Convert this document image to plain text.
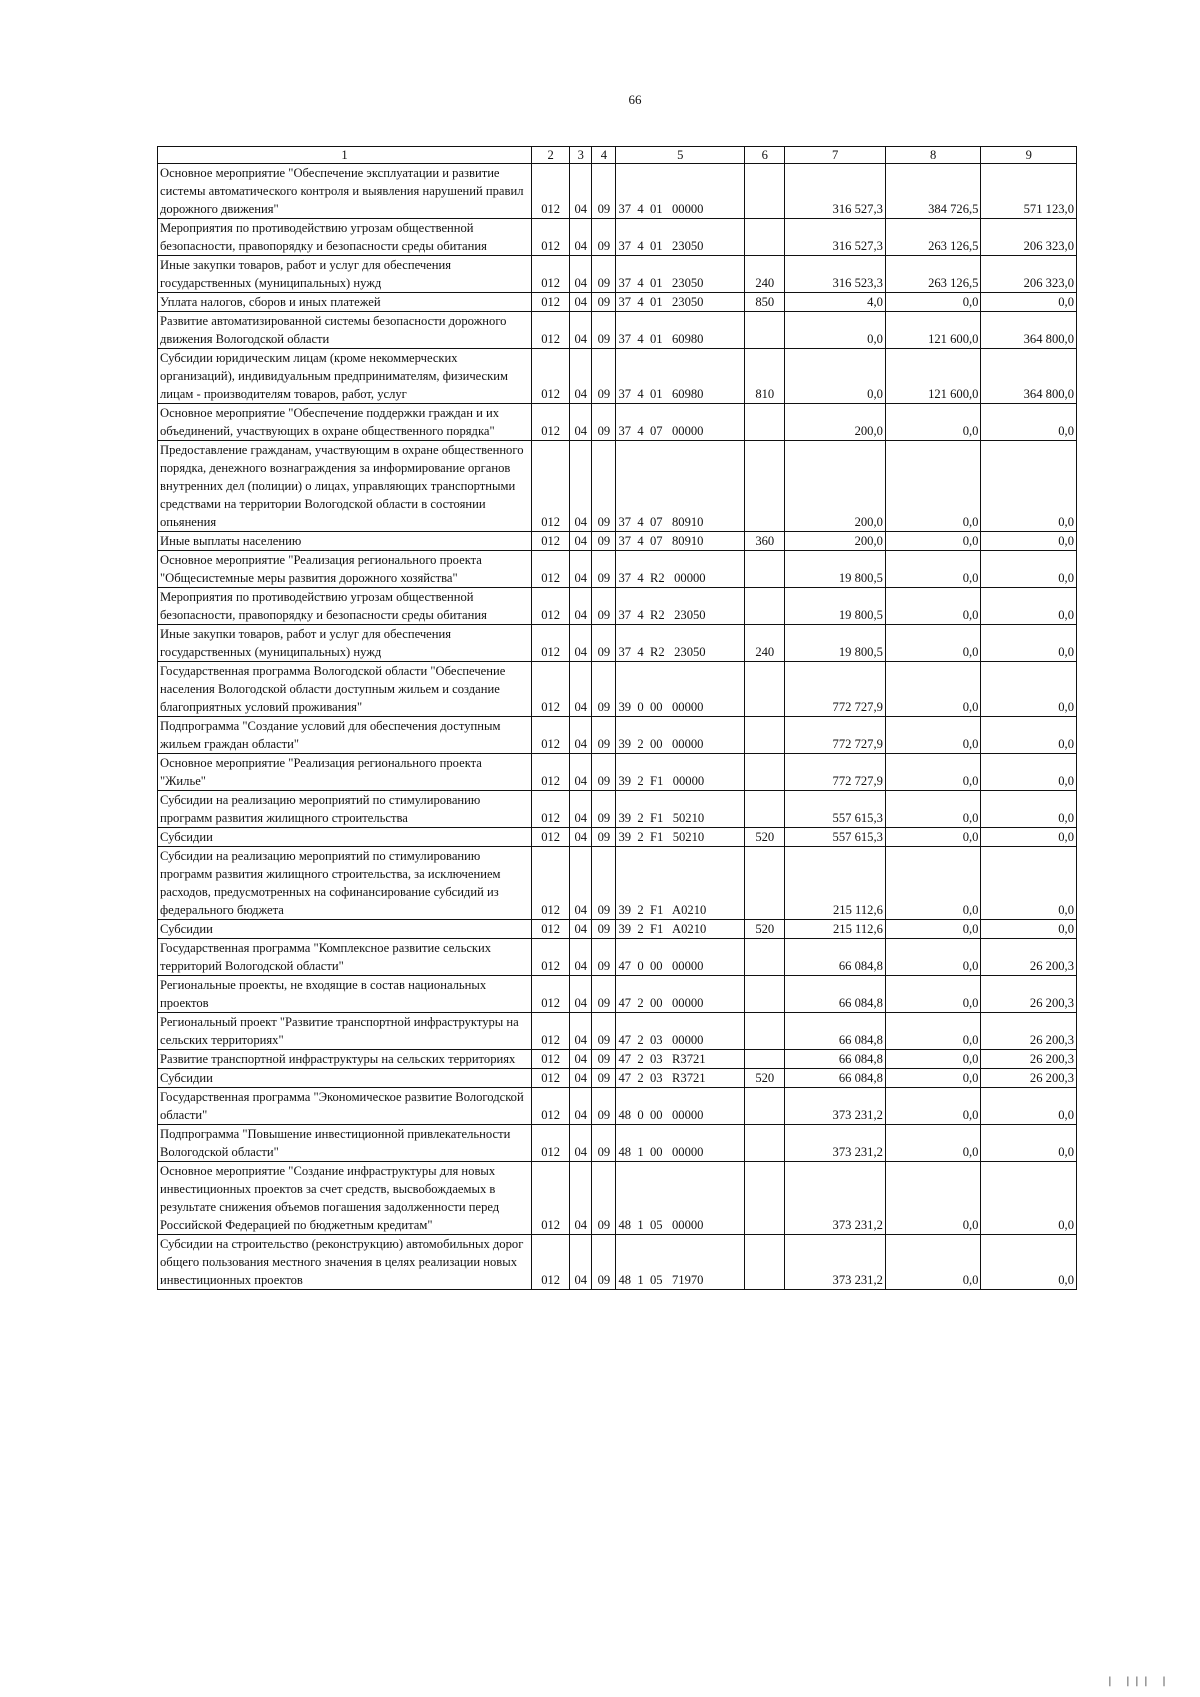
66
1	2	3	4	5	6	7	8	9
Основное мероприятие "Обеспечение эксплуатации и развитие системы автоматического контроля и выявления нарушений правил дорожного движения"	012	04	09	37  4  01   00000		316 527,3	384 726,5	571 123,0
Мероприятия по противодействию угрозам общественной безопасности, правопорядку и безопасности среды обитания	012	04	09	37  4  01   23050		316 527,3	263 126,5	206 323,0
Иные закупки товаров, работ и услуг для обеспечения государственных (муниципальных) нужд	012	04	09	37  4  01   23050	240	316 523,3	263 126,5	206 323,0
Уплата налогов, сборов и иных платежей	012	04	09	37  4  01   23050	850	4,0	0,0	0,0
Развитие автоматизированной системы безопасности дорожного движения Вологодской области	012	04	09	37  4  01   60980		0,0	121 600,0	364 800,0
Субсидии юридическим лицам (кроме некоммерческих организаций), индивидуальным предпринимателям, физическим лицам - производителям товаров, работ, услуг	012	04	09	37  4  01   60980	810	0,0	121 600,0	364 800,0
Основное мероприятие "Обеспечение поддержки граждан и их объединений, участвующих в охране общественного порядка"	012	04	09	37  4  07   00000		200,0	0,0	0,0
Предоставление гражданам, участвующим в охране общественного порядка, денежного вознаграждения за информирование органов внутренних дел (полиции) о лицах, управляющих транспортными средствами на территории Вологодской области в состоянии опьянения	012	04	09	37  4  07   80910		200,0	0,0	0,0
Иные выплаты населению	012	04	09	37  4  07   80910	360	200,0	0,0	0,0
Основное мероприятие "Реализация регионального проекта "Общесистемные меры развития дорожного хозяйства"	012	04	09	37  4  R2   00000		19 800,5	0,0	0,0
Мероприятия по противодействию угрозам общественной безопасности, правопорядку и безопасности среды обитания	012	04	09	37  4  R2   23050		19 800,5	0,0	0,0
Иные закупки товаров, работ и услуг для обеспечения государственных (муниципальных) нужд	012	04	09	37  4  R2   23050	240	19 800,5	0,0	0,0
Государственная программа Вологодской области "Обеспечение населения Вологодской области доступным жильем и создание благоприятных условий проживания"	012	04	09	39  0  00   00000		772 727,9	0,0	0,0
Подпрограмма "Создание условий для обеспечения доступным жильем граждан области"	012	04	09	39  2  00   00000		772 727,9	0,0	0,0
Основное мероприятие "Реализация регионального проекта "Жилье"	012	04	09	39  2  F1   00000		772 727,9	0,0	0,0
Субсидии на реализацию мероприятий по стимулированию программ развития жилищного строительства	012	04	09	39  2  F1   50210		557 615,3	0,0	0,0
Субсидии	012	04	09	39  2  F1   50210	520	557 615,3	0,0	0,0
Субсидии на реализацию мероприятий по стимулированию программ развития жилищного строительства, за исключением расходов, предусмотренных на софинансирование субсидий из федерального бюджета	012	04	09	39  2  F1   A0210		215 112,6	0,0	0,0
Субсидии	012	04	09	39  2  F1   A0210	520	215 112,6	0,0	0,0
Государственная программа "Комплексное развитие сельских территорий Вологодской области"	012	04	09	47  0  00   00000		66 084,8	0,0	26 200,3
Региональные проекты, не входящие в состав национальных проектов	012	04	09	47  2  00   00000		66 084,8	0,0	26 200,3
Региональный проект "Развитие транспортной инфраструктуры на сельских территориях"	012	04	09	47  2  03   00000		66 084,8	0,0	26 200,3
Развитие транспортной инфраструктуры на сельских территориях	012	04	09	47  2  03   R3721		66 084,8	0,0	26 200,3
Субсидии	012	04	09	47  2  03   R3721	520	66 084,8	0,0	26 200,3
Государственная программа "Экономическое развитие Вологодской области"	012	04	09	48  0  00   00000		373 231,2	0,0	0,0
Подпрограмма "Повышение инвестиционной привлекательности Вологодской области"	012	04	09	48  1  00   00000		373 231,2	0,0	0,0
Основное мероприятие "Создание инфраструктуры для новых инвестиционных проектов за счет средств, высвобождаемых в результате снижения объемов погашения задолженности перед Российской Федерацией по бюджетным кредитам"	012	04	09	48  1  05   00000		373 231,2	0,0	0,0
Субсидии на строительство (реконструкцию) автомобильных дорог общего пользования местного значения в целях реализации новых инвестиционных проектов	012	04	09	48  1  05   71970		373 231,2	0,0	0,0
| ||| |
